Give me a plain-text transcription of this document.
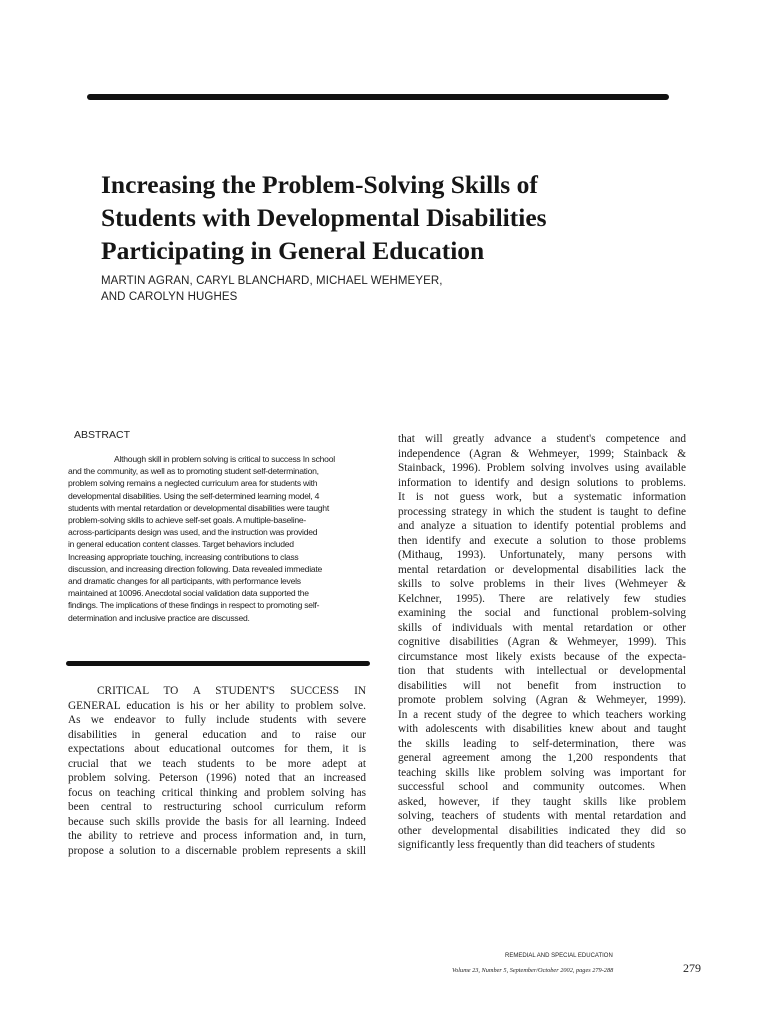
Increasing the Problem-Solving Skills of
Students with Developmental Disabilities
Participating in General Education
MARTIN AGRAN, CARYL BLANCHARD, MICHAEL WEHMEYER,
AND CAROLYN HUGHES
ABSTRACT

Although skill in problem solving is critical to success In school
and the community, as well as to promoting student self-determination,
problem solving remains a neglected curriculum area for students with
developmental disabilities. Using the self-determined learning model, 4
students with mental retardation or developmental disabilities were taught
problem-solving skills to achieve self-set goals. A multiple-baseline-
across-participants design was used, and the instruction was provided
in general education content classes. Target behaviors included
Increasing appropriate touching, increasing contributions to class
discussion, and increasing direction following. Data revealed immediate
and dramatic changes for all participants, with performance levels
maintained at 10096. Anecdotal social validation data supported the
findings. The implications of these findings in respect to promoting self-
determination and inclusive practice are discussed.

CRITICAL TO A STUDENT'S SUCCESS IN
GENERAL education is his or her ability to problem solve.
As we endeavor to fully include students with severe
disabilities in general education and to raise our
expectations about educational outcomes for them, it is
crucial that we teach students to be more adept at
problem solving. Peterson (1996) noted that an increased
focus on teaching critical thinking and problem solving has
been central to restructuring school curriculum reform
because such skills provide the basis for all learning. Indeed
the ability to retrieve and process information and, in turn,
propose a solution to a discernable problem represents a skill

that will greatly advance a student's competence and
independence (Agran & Wehmeyer, 1999; Stainback &
Stainback, 1996). Problem solving involves using available
information to identify and design solutions to problems.
It is not guess work, but a systematic information
processing strategy in which the student is taught to define
and analyze a situation to identify potential problems and
then identify and execute a solution to those problems
(Mithaug, 1993). Unfortunately, many persons with
mental retardation or developmental disabilities lack the
skills to solve problems in their lives (Wehmeyer &
Kelchner, 1995). There are relatively few studies
examining the social and functional problem-solving
skills of individuals with mental retardation or other
cognitive disabilities (Agran & Wehmeyer, 1999). This
circumstance most likely exists because of the expecta-
tion that students with intellectual or developmental
disabilities will not benefit from instruction to
promote problem solving (Agran & Wehmeyer, 1999).
In a recent study of the degree to which teachers working
with adolescents with disabilities knew about and taught
the skills leading to self-determination, there was
general agreement among the 1,200 respondents that
teaching skills like problem solving was important for
successful school and community outcomes. When
asked, however, if they taught skills like problem
solving, teachers of students with mental retardation and
other developmental disabilities indicated they did so
significantly less frequently than did teachers of students

REMEDIAL AND SPECIAL EDUCATION
Volume 23, Number 5, September/October 2002, pages 279-288	279
